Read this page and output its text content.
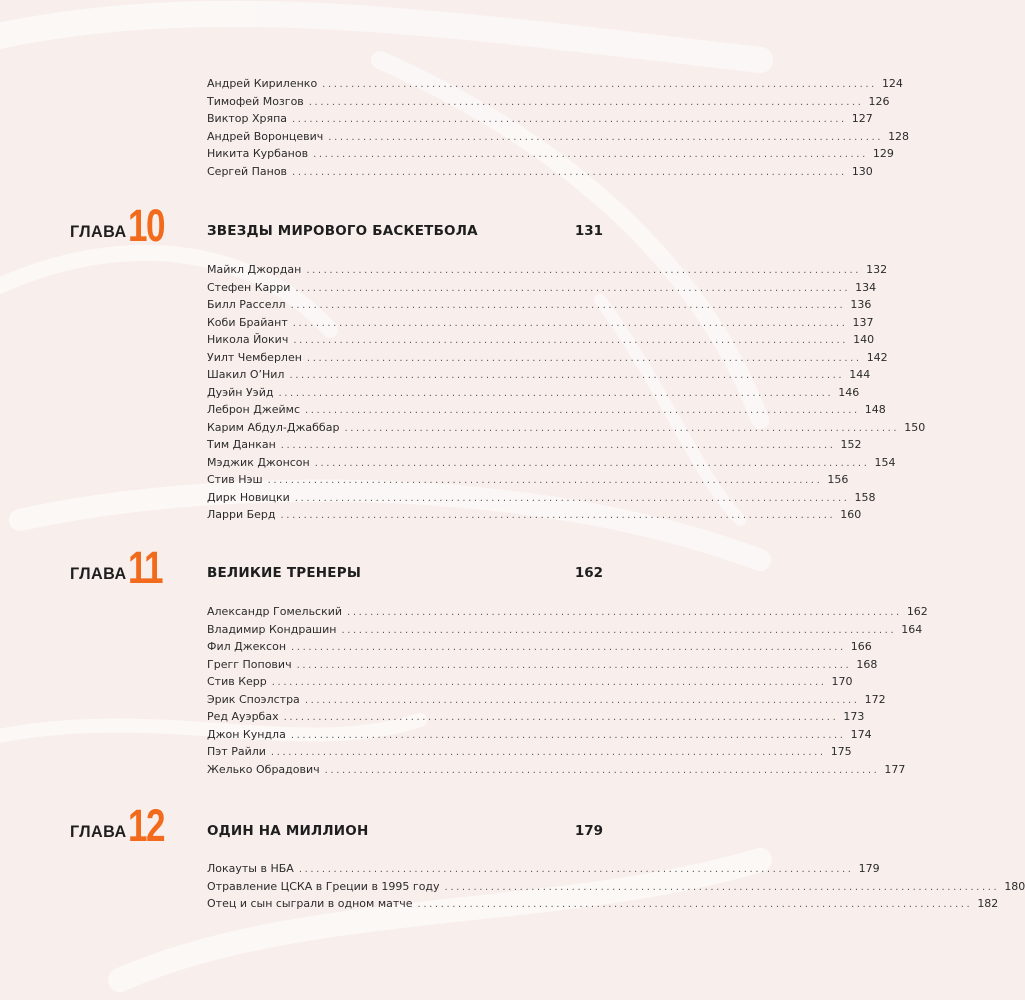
Андрей Кириленко ................................................................................................ 124
Тимофей Мозгов ................................................................................................ 126
Виктор Хряпа ................................................................................................ 127
Андрей Воронцевич ................................................................................................ 128
Никита Курбанов ................................................................................................ 129
Сергей Панов ................................................................................................ 130
ГЛАВА 10	ЗВЕЗДЫ МИРОВОГО БАСКЕТБОЛА	131
Майкл Джордан ................................................................................................ 132
Стефен Карри ................................................................................................ 134
Билл Расселл ................................................................................................ 136
Коби Брайант ................................................................................................ 137
Никола Йокич ................................................................................................ 140
Уилт Чемберлен ................................................................................................ 142
Шакил О’Нил ................................................................................................ 144
Дуэйн Уэйд ................................................................................................ 146
Леброн Джеймс ................................................................................................ 148
Карим Абдул-Джаббар ................................................................................................ 150
Тим Данкан ................................................................................................ 152
Мэджик Джонсон ................................................................................................ 154
Стив Нэш ................................................................................................ 156
Дирк Новицки ................................................................................................ 158
Ларри Берд ................................................................................................ 160
ГЛАВА 11	ВЕЛИКИЕ ТРЕНЕРЫ	162
Александр Гомельский ................................................................................................ 162
Владимир Кондрашин ................................................................................................ 164
Фил Джексон ................................................................................................ 166
Грегг Попович ................................................................................................ 168
Стив Керр ................................................................................................ 170
Эрик Споэлстра ................................................................................................ 172
Ред Ауэрбах ................................................................................................ 173
Джон Кундла ................................................................................................ 174
Пэт Райли ................................................................................................ 175
Желько Обрадович ................................................................................................ 177
ГЛАВА 12	ОДИН НА МИЛЛИОН	179
Локауты в НБА ................................................................................................ 179
Отравление ЦСКА в Греции в 1995 году ................................................................................................ 180
Отец и сын сыграли в одном матче ................................................................................................ 182
